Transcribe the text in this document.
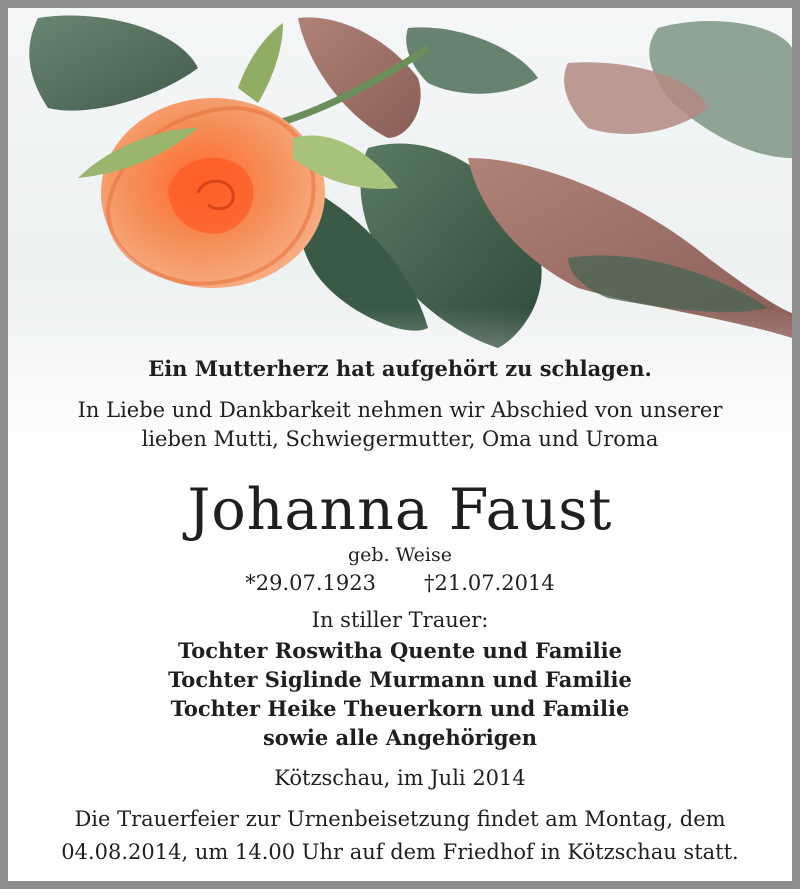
Ein Mutterherz hat aufgehört zu schlagen.
In Liebe und Dankbarkeit nehmen wir Abschied von unserer
lieben Mutti, Schwiegermutter, Oma und Uroma
Johanna Faust
geb. Weise
*29.07.1923 †21.07.2014
In stiller Trauer:
Tochter Roswitha Quente und Familie
Tochter Siglinde Murmann und Familie
Tochter Heike Theuerkorn und Familie
sowie alle Angehörigen
Kötzschau, im Juli 2014
Die Trauerfeier zur Urnenbeisetzung findet am Montag, dem
04.08.2014, um 14.00 Uhr auf dem Friedhof in Kötzschau statt.
